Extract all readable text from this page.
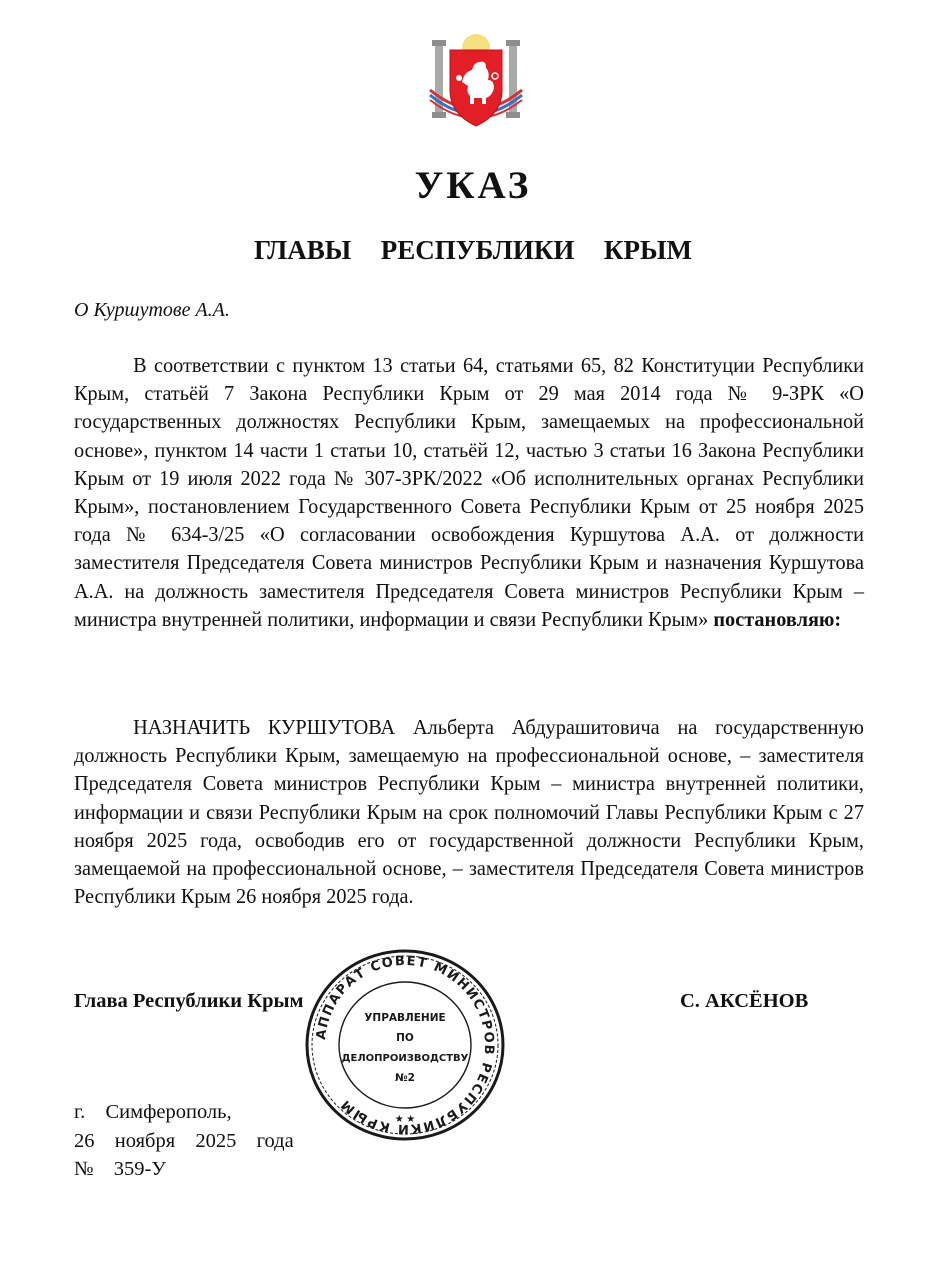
УКАЗ
ГЛАВЫ  РЕСПУБЛИКИ  КРЫМ
О Куршутове А.А.
В соответствии с пунктом 13 статьи 64, статьями 65, 82 Конституции Республики Крым, статьёй 7 Закона Республики Крым от 29 мая 2014 года № 9-ЗРК «О государственных должностях Республики Крым, замещаемых на профессиональной основе», пунктом 14 части 1 статьи 10, статьёй 12, частью 3 статьи 16 Закона Республики Крым от 19 июля 2022 года № 307-ЗРК/2022 «Об исполнительных органах Республики Крым», постановлением Государственного Совета Республики Крым от 25 ноября 2025 года № 634-3/25 «О согласовании освобождения Куршутова А.А. от должности заместителя Председателя Совета министров Республики Крым и назначения Куршутова А.А. на должность заместителя Председателя Совета министров Республики Крым – министра внутренней политики, информации и связи Республики Крым» постановляю:
НАЗНАЧИТЬ КУРШУТОВА Альберта Абдурашитовича на государственную должность Республики Крым, замещаемую на профессиональной основе, – заместителя Председателя Совета министров Республики Крым – министра внутренней политики, информации и связи Республики Крым на срок полномочий Главы Республики Крым с 27 ноября 2025 года, освободив его от государственной должности Республики Крым, замещаемой на профессиональной основе, – заместителя Председателя Совета министров Республики Крым 26 ноября 2025 года.
Глава Республики Крым	С. АКСЁНОВ
АППАРАТ СОВЕТ МИНИСТРОВ РЕСПУБЛИКИ КРЫМ
★ ★
УПРАВЛЕНИЕ
ПО
ДЕЛОПРОИЗВОДСТВУ
№2
г.  Симферополь,
26  ноября  2025  года
№  359-У
